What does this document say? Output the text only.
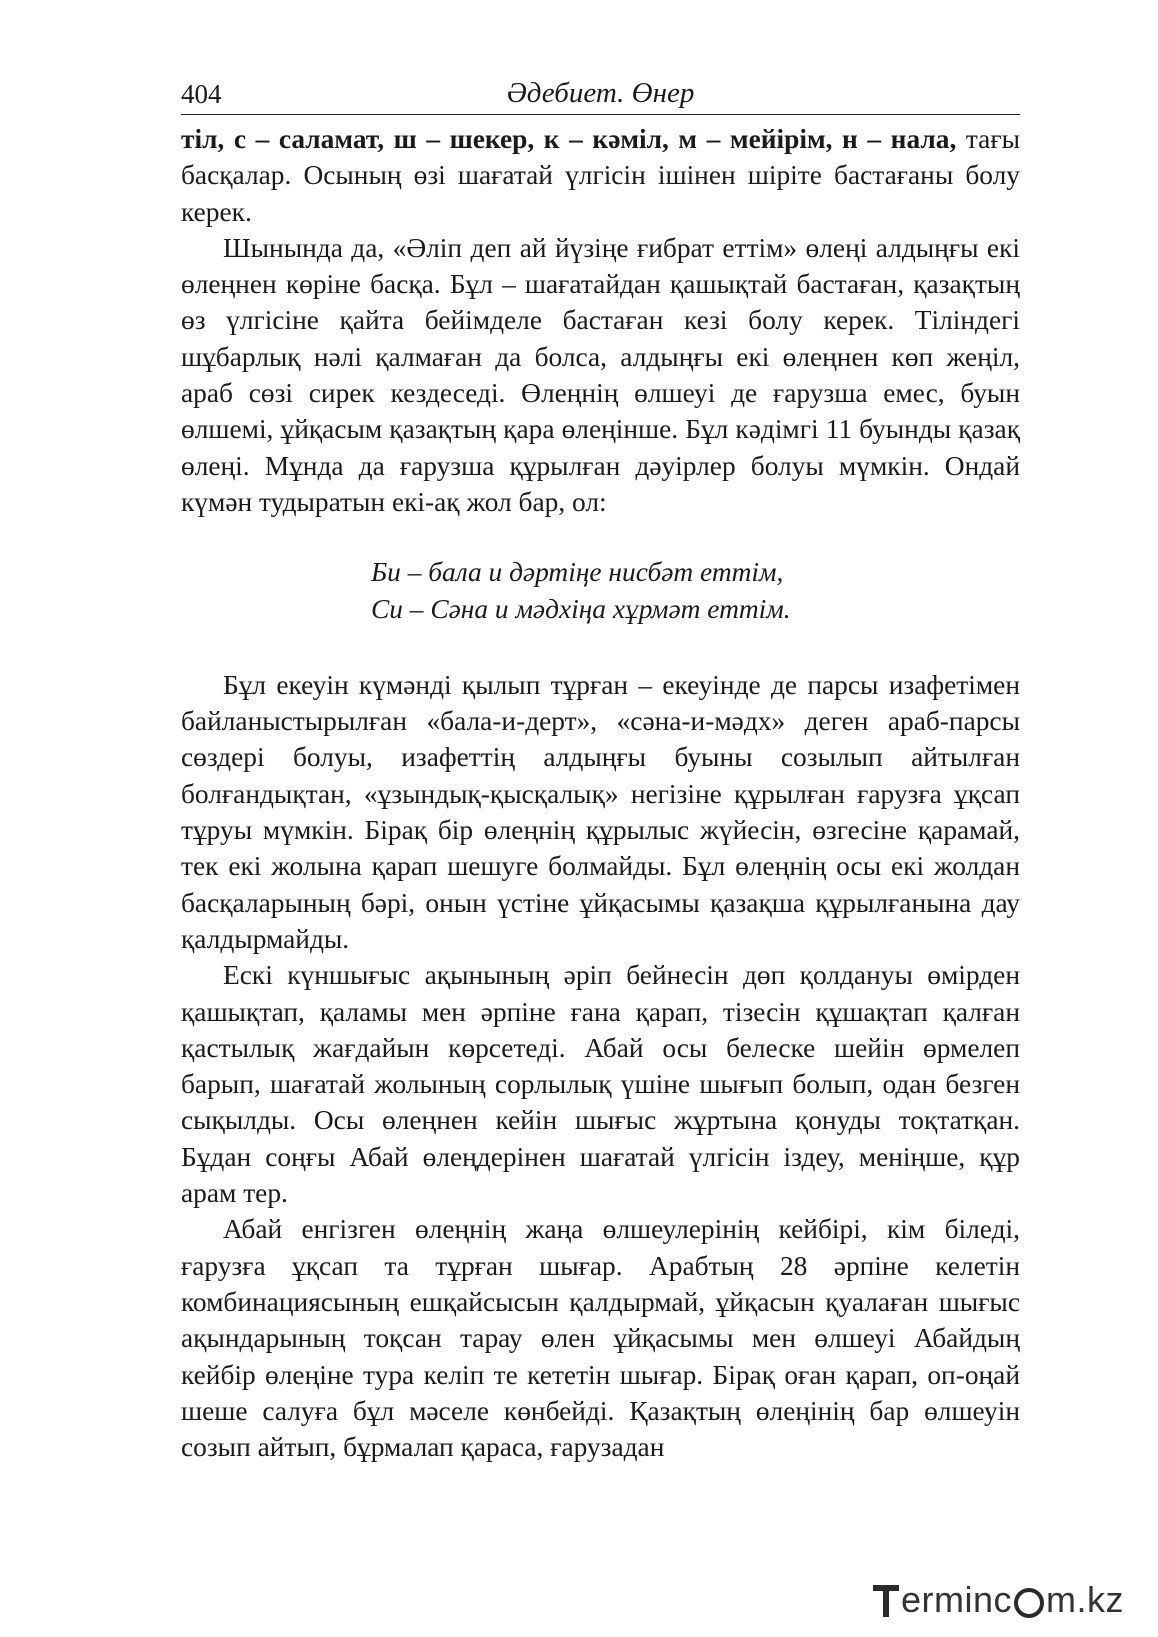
404	Әдебиет. Өнер

тіл, с – саламат, ш – шекер, к – кәміл, м – мейірім, н – нала, тағы басқалар. Осының өзі шағатай үлгісін ішінен шіріте бастағаны болу керек.

Шынында да, «Әліп деп ай йүзіңе ғибрат еттім» өлеңі алдыңғы екі өлеңнен көріне басқа. Бұл – шағатайдан қашықтай бастаған, қазақтың өз үлгісіне қайта бейімделе бастаған кезі болу керек. Тіліндегі шұбарлық нәлі қалмаған да болса, алдыңғы екі өлеңнен көп жеңіл, араб сөзі сирек кездеседі. Өлеңнің өлшеуі де ғарузша емес, буын өлшемі, ұйқасым қазақтың қара өлеңінше. Бұл кәдімгі 11 буынды қазақ өлеңі. Мұнда да ғарузша құрылған дәуірлер болуы мүмкін. Ондай күмән тудыратын екі-ақ жол бар, ол:

Би – бала и дәртіңе нисбәт еттім,
Си – Сәна и мәдхіңа хұрмәт еттім.

Бұл екеуін күмәнді қылып тұрған – екеуінде де парсы изафетімен байланыстырылған «бала-и-дерт», «сәна-и-мәдх» деген араб-парсы сөздері болуы, изафеттің алдыңғы буыны созылып айтылған болғандықтан, «ұзындық-қысқалық» негізіне құрылған ғарузға ұқсап тұруы мүмкін. Бірақ бір өлеңнің құрылыс жүйесін, өзгесіне қарамай, тек екі жолына қарап шешуге болмайды. Бұл өлеңнің осы екі жолдан басқаларының бәрі, онын үстіне ұйқасымы қазақша құрылғанына дау қалдырмайды.

Ескі күншығыс ақынының әріп бейнесін дөп қолдануы өмірден қашықтап, қаламы мен әрпіне ғана қарап, тізесін құшақтап қалған қастылық жағдайын көрсетеді. Абай осы белеске шейін өрмелеп барып, шағатай жолының сорлылық үшіне шығып болып, одан безген сықылды. Осы өлеңнен кейін шығыс жұртына қонуды тоқтатқан. Бұдан соңғы Абай өлеңдерінен шағатай үлгісін іздеу, меніңше, құр арам тер.

Абай енгізген өлеңнің жаңа өлшеулерінің кейбірі, кім біледі, ғарузға ұқсап та тұрған шығар. Арабтың 28 әрпіне келетін комбинациясының ешқайсысын қалдырмай, ұйқасын қуалаған шығыс ақындарының тоқсан тарау өлен ұйқасымы мен өлшеуі Абайдың кейбір өлеңіне тура келіп те кететін шығар. Бірақ оған қарап, оп-оңай шеше салуға бұл мәселе көнбейді. Қазақтың өлеңінің бар өлшеуін созып айтып, бұрмалап қараса, ғарузадан

ermin c m.kz
